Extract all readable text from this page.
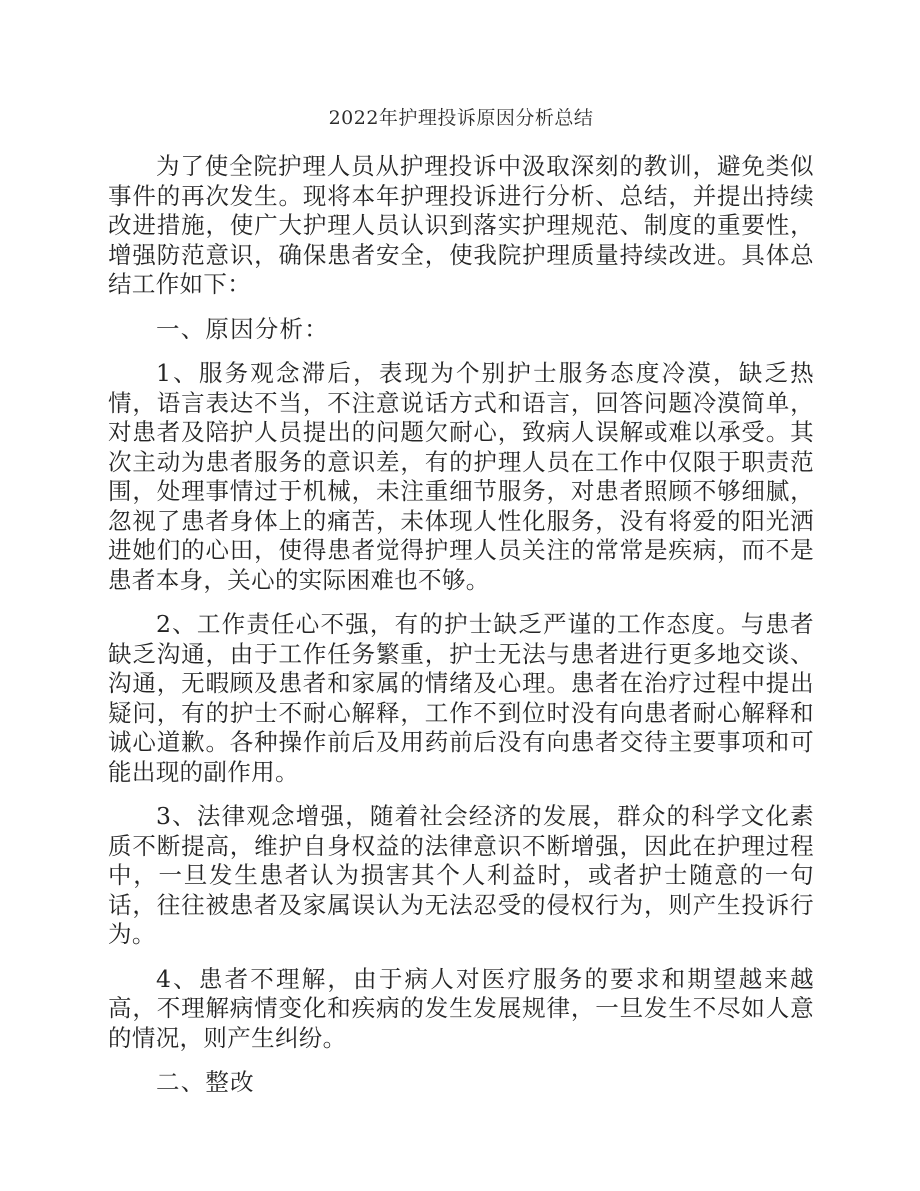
2022年护理投诉原因分析总结

为了使全院护理人员从护理投诉中汲取深刻的教训，避免类似事件的再次发生。现将本年护理投诉进行分析、总结，并提出持续改进措施，使广大护理人员认识到落实护理规范、制度的重要性，增强防范意识，确保患者安全，使我院护理质量持续改进。具体总结工作如下：

一、原因分析：

1、服务观念滞后，表现为个别护士服务态度冷漠，缺乏热情，语言表达不当，不注意说话方式和语言，回答问题冷漠简单，对患者及陪护人员提出的问题欠耐心，致病人误解或难以承受。其次主动为患者服务的意识差，有的护理人员在工作中仅限于职责范围，处理事情过于机械，未注重细节服务，对患者照顾不够细腻，忽视了患者身体上的痛苦，未体现人性化服务，没有将爱的阳光洒进她们的心田，使得患者觉得护理人员关注的常常是疾病，而不是患者本身，关心的实际困难也不够。

2、工作责任心不强，有的护士缺乏严谨的工作态度。与患者缺乏沟通，由于工作任务繁重，护士无法与患者进行更多地交谈、沟通，无暇顾及患者和家属的情绪及心理。患者在治疗过程中提出疑问，有的护士不耐心解释，工作不到位时没有向患者耐心解释和诚心道歉。各种操作前后及用药前后没有向患者交待主要事项和可能出现的副作用。

3、法律观念增强，随着社会经济的发展，群众的科学文化素质不断提高，维护自身权益的法律意识不断增强，因此在护理过程中，一旦发生患者认为损害其个人利益时，或者护士随意的一句话，往往被患者及家属误认为无法忍受的侵权行为，则产生投诉行为。

4、患者不理解，由于病人对医疗服务的要求和期望越来越高，不理解病情变化和疾病的发生发展规律，一旦发生不尽如人意的情况，则产生纠纷。

二、整改
